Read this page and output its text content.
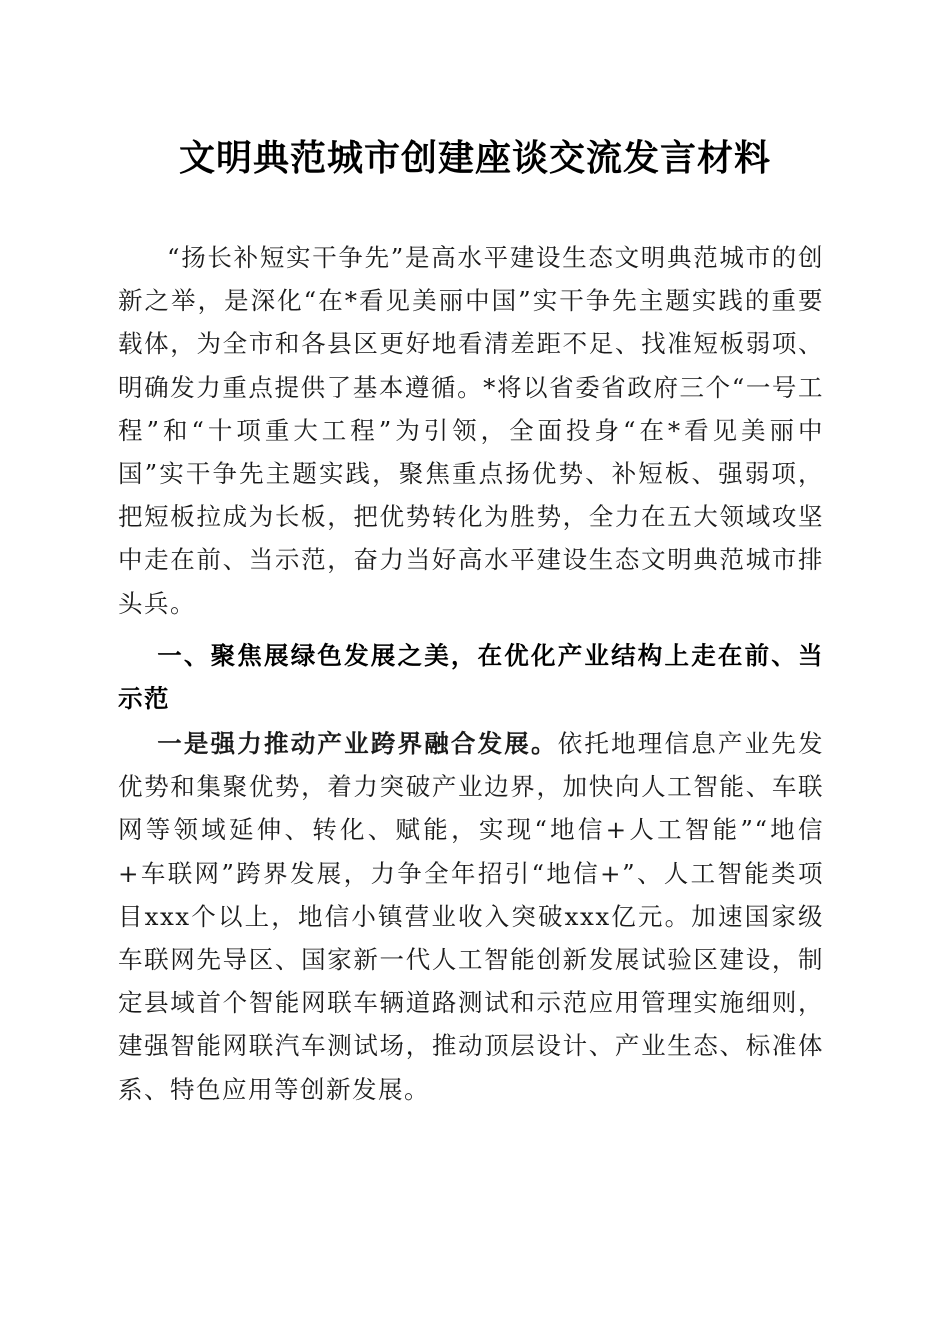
文明典范城市创建座谈交流发言材料

“扬长补短实干争先”是高水平建设生态文明典范城市的创新之举，是深化“在*看见美丽中国”实干争先主题实践的重要载体，为全市和各县区更好地看清差距不足、找准短板弱项、明确发力重点提供了基本遵循。*将以省委省政府三个“一号工程”和“十项重大工程”为引领，全面投身“在*看见美丽中国”实干争先主题实践，聚焦重点扬优势、补短板、强弱项，把短板拉成为长板，把优势转化为胜势，全力在五大领域攻坚中走在前、当示范，奋力当好高水平建设生态文明典范城市排头兵。

一、聚焦展绿色发展之美，在优化产业结构上走在前、当示范

一是强力推动产业跨界融合发展。依托地理信息产业先发优势和集聚优势，着力突破产业边界，加快向人工智能、车联网等领域延伸、转化、赋能，实现“地信+人工智能”“地信+车联网”跨界发展，力争全年招引“地信+”、人工智能类项目xxx个以上，地信小镇营业收入突破xxx亿元。加速国家级车联网先导区、国家新一代人工智能创新发展试验区建设，制定县域首个智能网联车辆道路测试和示范应用管理实施细则，建强智能网联汽车测试场，推动顶层设计、产业生态、标准体系、特色应用等创新发展。
